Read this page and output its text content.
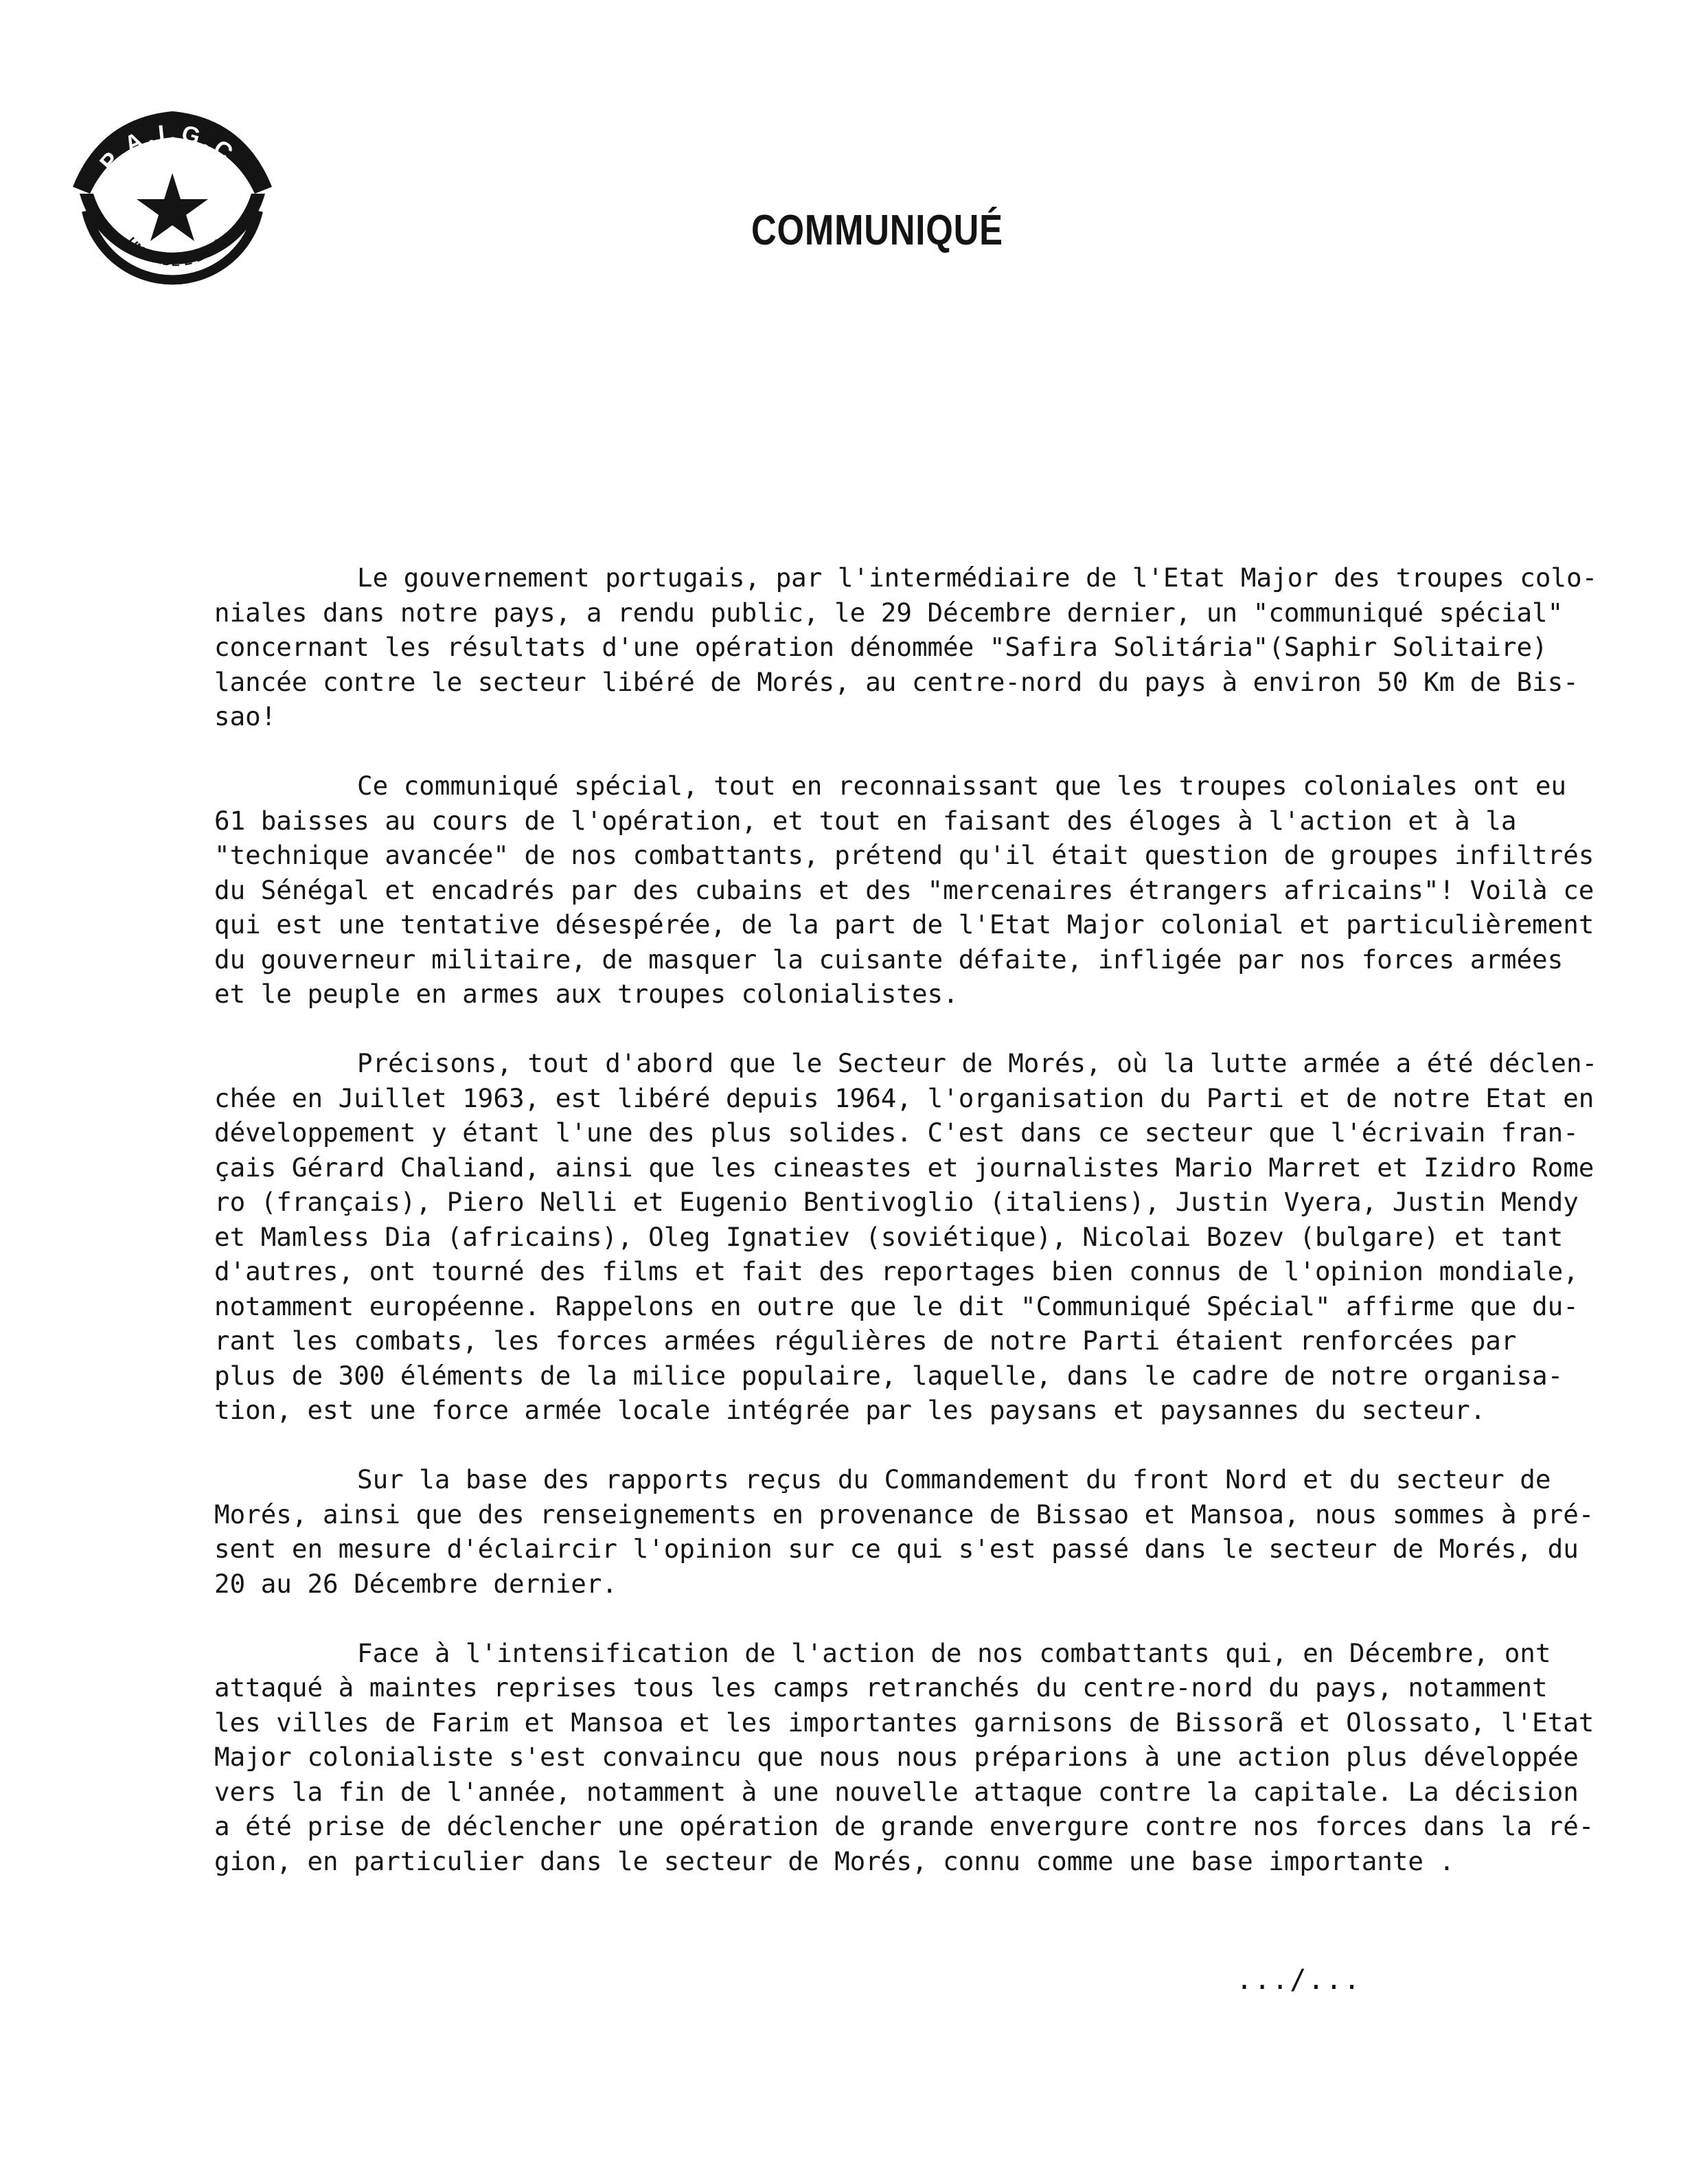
P.A.I.G.C.
UNIDADE E LUTA	COMMUNIQUÉ

Le gouvernement portugais, par l'intermédiaire de l'Etat Major des troupes colo-
niales dans notre pays, a rendu public, le 29 Décembre dernier, un "communiqué spécial"
concernant les résultats d'une opération dénommée "Safira Solitária"(Saphir Solitaire)
lancée contre le secteur libéré de Morés, au centre-nord du pays à environ 50 Km de Bis-
sao!

Ce communiqué spécial, tout en reconnaissant que les troupes coloniales ont eu
61 baisses au cours de l'opération, et tout en faisant des éloges à l'action et à la
"technique avancée" de nos combattants, prétend qu'il était question de groupes infiltrés
du Sénégal et encadrés par des cubains et des "mercenaires étrangers africains"! Voilà ce
qui est une tentative désespérée, de la part de l'Etat Major colonial et particulièrement
du gouverneur militaire, de masquer la cuisante défaite, infligée par nos forces armées
et le peuple en armes aux troupes colonialistes.

Précisons, tout d'abord que le Secteur de Morés, où la lutte armée a été déclen-
chée en Juillet 1963, est libéré depuis 1964, l'organisation du Parti et de notre Etat en
développement y étant l'une des plus solides. C'est dans ce secteur que l'écrivain fran-
çais Gérard Chaliand, ainsi que les cineastes et journalistes Mario Marret et Izidro Rome
ro (français), Piero Nelli et Eugenio Bentivoglio (italiens), Justin Vyera, Justin Mendy
et Mamless Dia (africains), Oleg Ignatiev (soviétique), Nicolai Bozev (bulgare) et tant
d'autres, ont tourné des films et fait des reportages bien connus de l'opinion mondiale,
notamment européenne. Rappelons en outre que le dit "Communiqué Spécial" affirme que du-
rant les combats, les forces armées régulières de notre Parti étaient renforcées par
plus de 300 éléments de la milice populaire, laquelle, dans le cadre de notre organisa-
tion, est une force armée locale intégrée par les paysans et paysannes du secteur.

Sur la base des rapports reçus du Commandement du front Nord et du secteur de
Morés, ainsi que des renseignements en provenance de Bissao et Mansoa, nous sommes à pré-
sent en mesure d'éclaircir l'opinion sur ce qui s'est passé dans le secteur de Morés, du
20 au 26 Décembre dernier.

Face à l'intensification de l'action de nos combattants qui, en Décembre, ont
attaqué à maintes reprises tous les camps retranchés du centre-nord du pays, notamment
les villes de Farim et Mansoa et les importantes garnisons de Bissorã et Olossato, l'Etat
Major colonialiste s'est convaincu que nous nous préparions à une action plus développée
vers la fin de l'année, notamment à une nouvelle attaque contre la capitale. La décision
a été prise de déclencher une opération de grande envergure contre nos forces dans la ré-
gion, en particulier dans le secteur de Morés, connu comme une base importante .

.../...
